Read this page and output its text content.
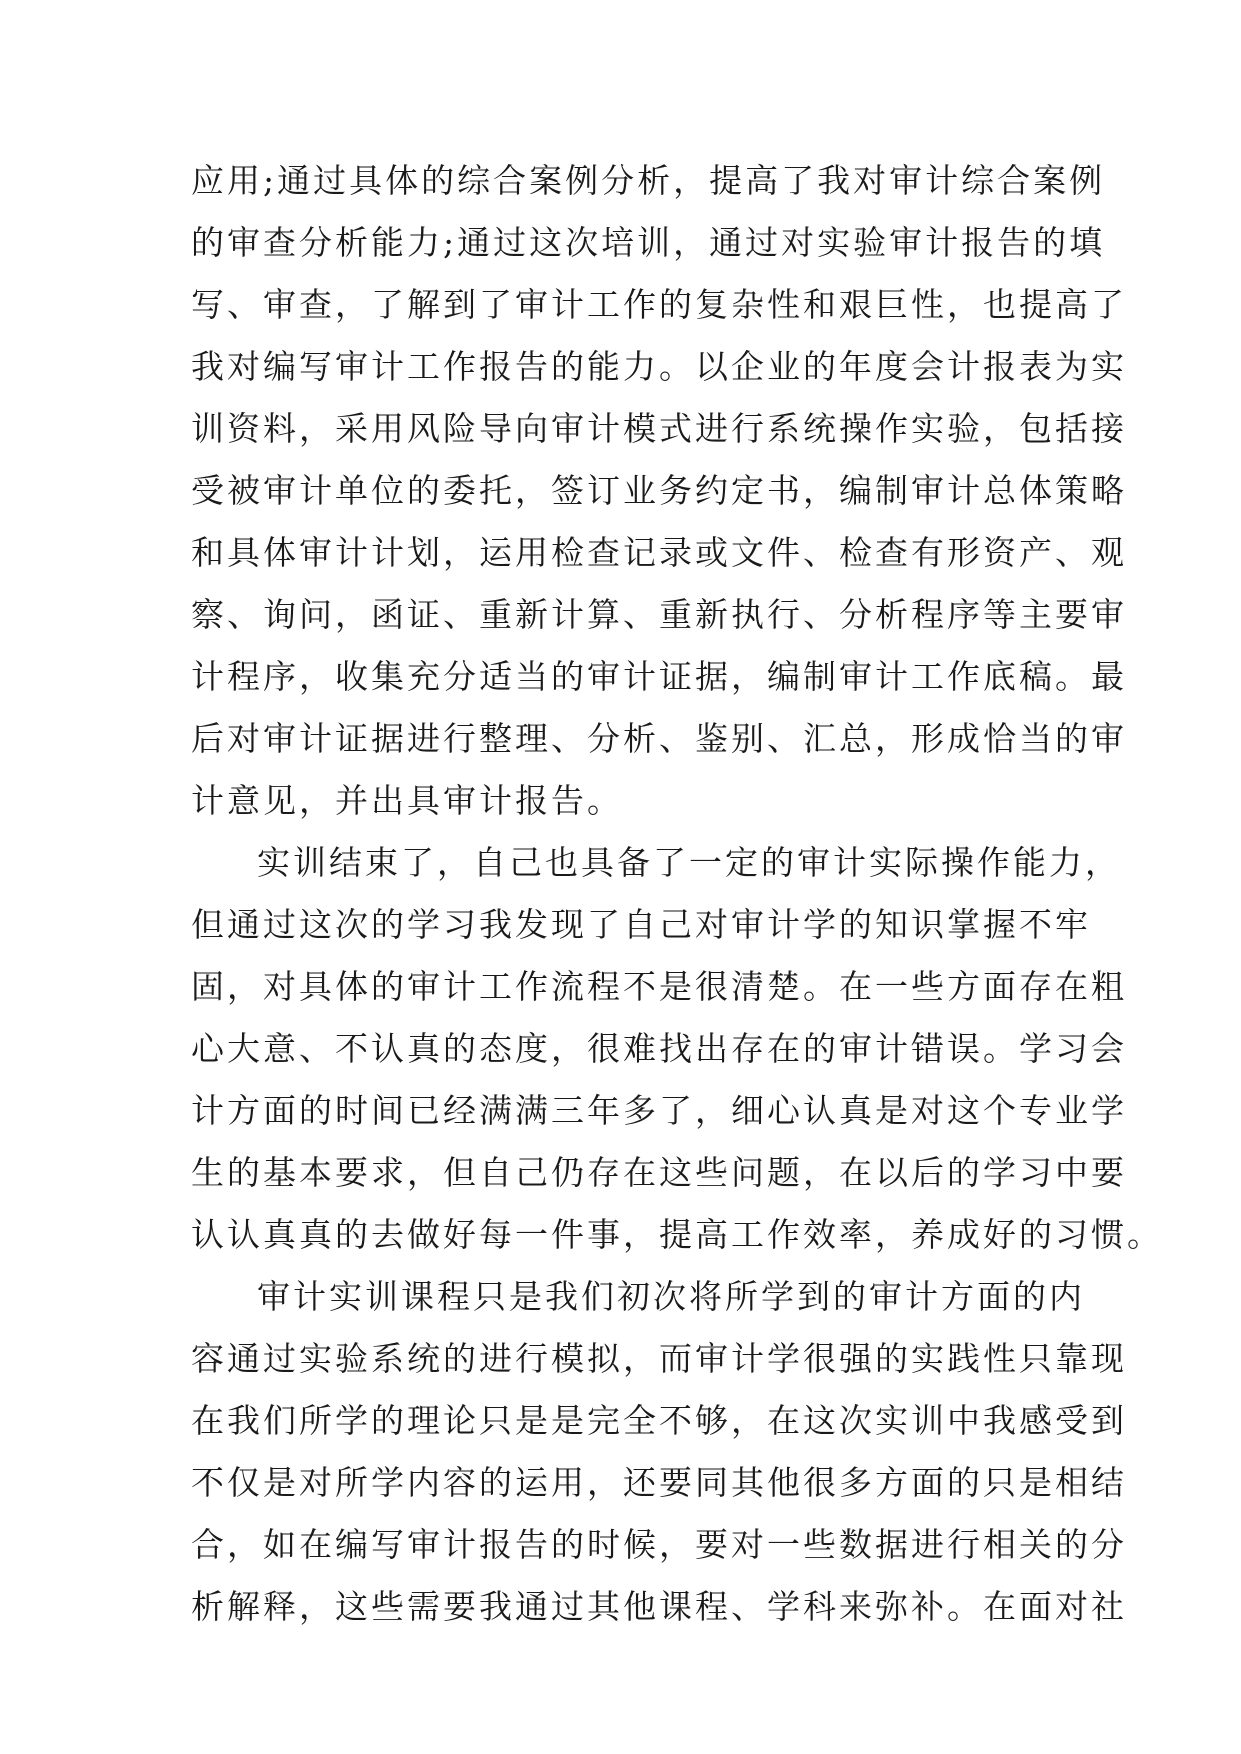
应用;通过具体的综合案例分析，提高了我对审计综合案例
的审查分析能力;通过这次培训，通过对实验审计报告的填
写、审查，了解到了审计工作的复杂性和艰巨性，也提高了
我对编写审计工作报告的能力。以企业的年度会计报表为实
训资料，采用风险导向审计模式进行系统操作实验，包括接
受被审计单位的委托，签订业务约定书，编制审计总体策略
和具体审计计划，运用检查记录或文件、检查有形资产、观
察、询问，函证、重新计算、重新执行、分析程序等主要审
计程序，收集充分适当的审计证据，编制审计工作底稿。最
后对审计证据进行整理、分析、鉴别、汇总，形成恰当的审
计意见，并出具审计报告。
实训结束了，自己也具备了一定的审计实际操作能力，
但通过这次的学习我发现了自己对审计学的知识掌握不牢
固，对具体的审计工作流程不是很清楚。在一些方面存在粗
心大意、不认真的态度，很难找出存在的审计错误。学习会
计方面的时间已经满满三年多了，细心认真是对这个专业学
生的基本要求，但自己仍存在这些问题，在以后的学习中要
认认真真的去做好每一件事，提高工作效率，养成好的习惯。
审计实训课程只是我们初次将所学到的审计方面的内
容通过实验系统的进行模拟，而审计学很强的实践性只靠现
在我们所学的理论只是是完全不够，在这次实训中我感受到
不仅是对所学内容的运用，还要同其他很多方面的只是相结
合，如在编写审计报告的时候，要对一些数据进行相关的分
析解释，这些需要我通过其他课程、学科来弥补。在面对社
